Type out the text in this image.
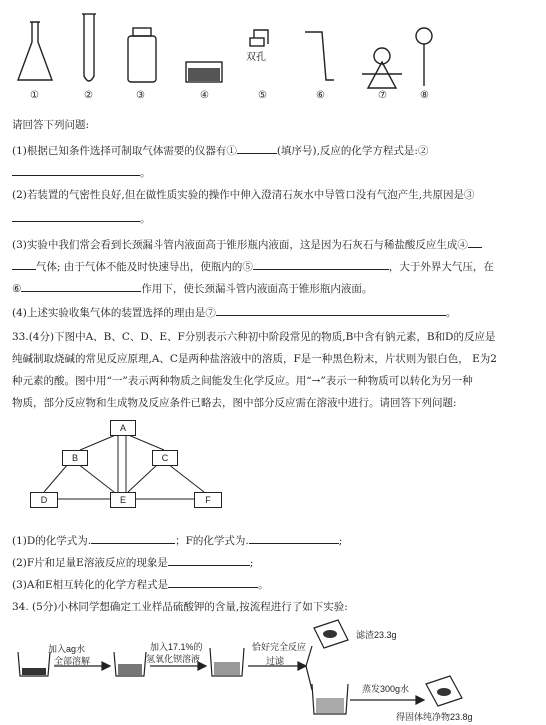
双孔
①	②	③	④	⑤	⑥	⑦	⑧
请回答下列问题:
(1)根据已知条件选择可制取气体需要的仪器有①	(填序号),反应的化学方程式是:②
。
(2)若装置的气密性良好,但在做性质实验的操作中伸入澄清石灰水中导管口没有气泡产生,共原因是③
。
(3)实验中我们常会看到长颈漏斗管内液面高于锥形瓶内液面，这是因为石灰石与稀盐酸反应生成④
气体; 由于气体不能及时快速导出，使瓶内的⑤	，大于外界大气压，在
⑥	作用下，使长颈漏斗管内液面高于锥形瓶内液面。
(4)上述实验收集气体的装置选择的理由是⑦	。
33.(4分)下图中A、B、C、D、E、F分别表示六种初中阶段常见的物质,B中含有钠元素，B和D的反应是
纯碱制取烧碱的常见反应原理,A、C是两种盐溶液中的溶质，F是一种黑色粉末，片状则为银白色， E为2
种元素的酸。图中用“一”表示两种物质之间能发生化学反应。用“→”表示一种物质可以转化为另一种
物质，部分反应物和生成物及反应条件已略去，图中部分反应需在溶液中进行。请回答下列问题:
A
B	C
D	E	F
(1)D的化学式为.	；F的化学式为.	;
(2)F片和足量E溶液反应的现象是	;
(3)A和E相互转化的化学方程式是	。
34. (5分)小林同学想确定工业样品硫酸钾的含量,按流程进行了如下实验:
加入ag水
全部溶解
加入17.1%的
氢氧化钡溶液
恰好完全反应
过滤
滤渣23.3g
蒸发300g水
得固体纯净物23.8g
